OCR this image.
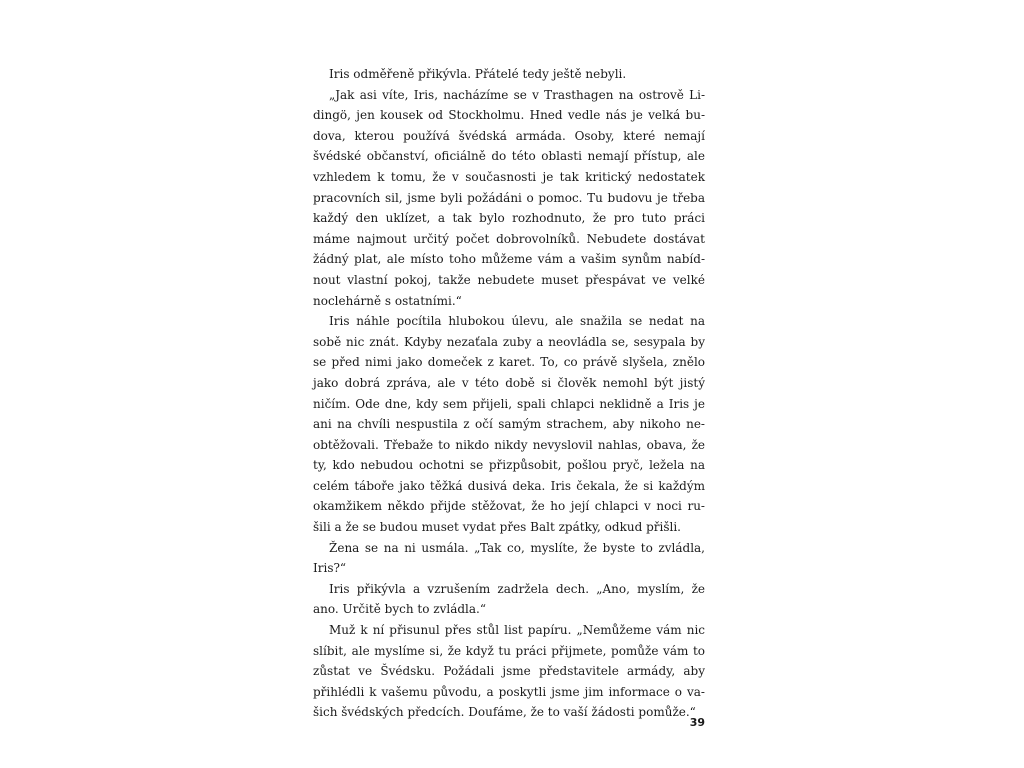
Iris odměřeně přikývla. Přátelé tedy ještě nebyli.
„Jak asi víte, Iris, nacházíme se v Trasthagen na ostrově Li-
dingö, jen kousek od Stockholmu. Hned vedle nás je velká bu-
dova, kterou používá švédská armáda. Osoby, které nemají
švédské občanství, oficiálně do této oblasti nemají přístup, ale
vzhledem k tomu, že v současnosti je tak kritický nedostatek
pracovních sil, jsme byli požádáni o pomoc. Tu budovu je třeba
každý den uklízet, a tak bylo rozhodnuto, že pro tuto práci
máme najmout určitý počet dobrovolníků. Nebudete dostávat
žádný plat, ale místo toho můžeme vám a vašim synům nabíd-
nout vlastní pokoj, takže nebudete muset přespávat ve velké
noclehárně s ostatními.“
Iris náhle pocítila hlubokou úlevu, ale snažila se nedat na
sobě nic znát. Kdyby nezaťala zuby a neovládla se, sesypala by
se před nimi jako domeček z karet. To, co právě slyšela, znělo
jako dobrá zpráva, ale v této době si člověk nemohl být jistý
ničím. Ode dne, kdy sem přijeli, spali chlapci neklidně a Iris je
ani na chvíli nespustila z očí samým strachem, aby nikoho ne-
obtěžovali. Třebaže to nikdo nikdy nevyslovil nahlas, obava, že
ty, kdo nebudou ochotni se přizpůsobit, pošlou pryč, ležela na
celém táboře jako těžká dusivá deka. Iris čekala, že si každým
okamžikem někdo přijde stěžovat, že ho její chlapci v noci ru-
šili a že se budou muset vydat přes Balt zpátky, odkud přišli.
Žena se na ni usmála. „Tak co, myslíte, že byste to zvládla,
Iris?“
Iris přikývla a vzrušením zadržela dech. „Ano, myslím, že
ano. Určitě bych to zvládla.“
Muž k ní přisunul přes stůl list papíru. „Nemůžeme vám nic
slíbit, ale myslíme si, že když tu práci přijmete, pomůže vám to
zůstat ve Švédsku. Požádali jsme představitele armády, aby
přihlédli k vašemu původu, a poskytli jsme jim informace o va-
šich švédských předcích. Doufáme, že to vaší žádosti pomůže.“
39
